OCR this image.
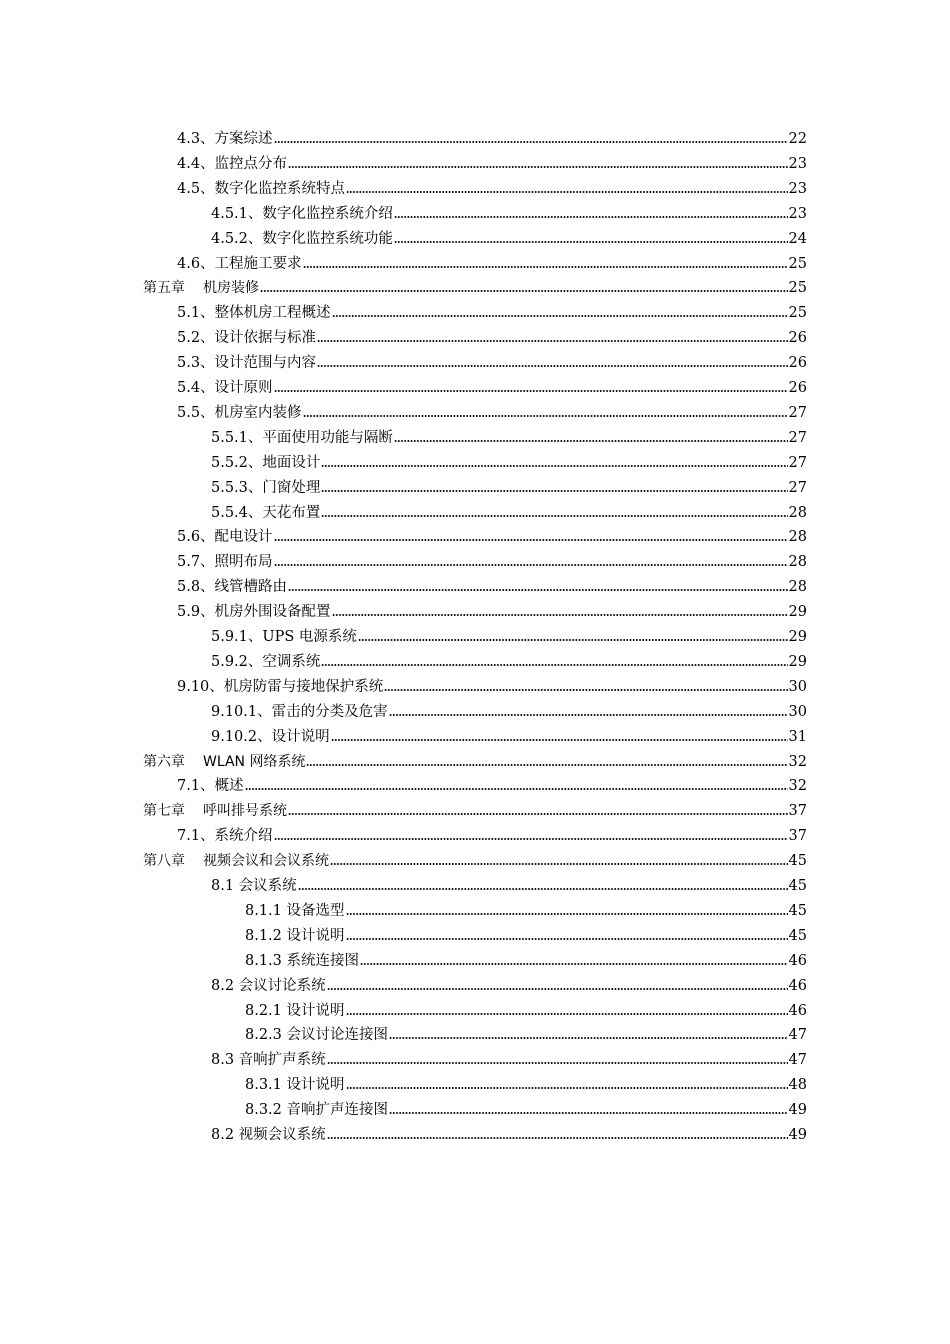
4.3、方案综述	22
4.4、监控点分布	23
4.5、数字化监控系统特点	23
4.5.1、数字化监控系统介绍	23
4.5.2、数字化监控系统功能	24
4.6、工程施工要求	25
第五章 机房装修	25
5.1、整体机房工程概述	25
5.2、设计依据与标准	26
5.3、设计范围与内容	26
5.4、设计原则	26
5.5、机房室内装修	27
5.5.1、平面使用功能与隔断	27
5.5.2、地面设计	27
5.5.3、门窗处理	27
5.5.4、天花布置	28
5.6、配电设计	28
5.7、照明布局	28
5.8、线管槽路由	28
5.9、机房外围设备配置	29
5.9.1、UPS 电源系统	29
5.9.2、空调系统	29
9.10、机房防雷与接地保护系统	30
9.10.1、雷击的分类及危害	30
9.10.2、设计说明	31
第六章 WLAN 网络系统	32
7.1、概述	32
第七章 呼叫排号系统	37
7.1、系统介绍	37
第八章 视频会议和会议系统	45
8.1 会议系统	45
8.1.1 设备选型	45
8.1.2 设计说明	45
8.1.3 系统连接图	46
8.2 会议讨论系统	46
8.2.1 设计说明	46
8.2.3 会议讨论连接图	47
8.3 音响扩声系统	47
8.3.1 设计说明	48
8.3.2 音响扩声连接图	49
8.2 视频会议系统	49
